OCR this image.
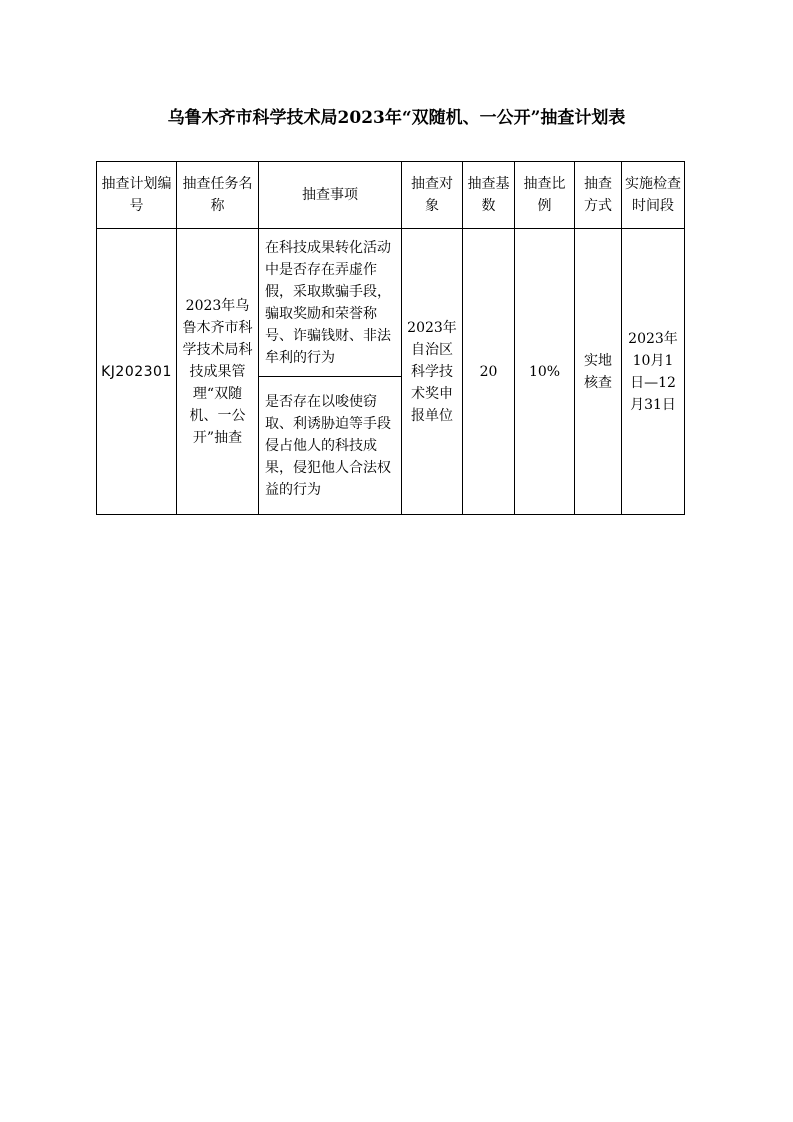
乌鲁木齐市科学技术局2023年“双随机、一公开”抽查计划表
抽查计划编号	抽查任务名称	抽查事项	抽查对象	抽查基数	抽查比例	抽查方式	实施检查时间段
KJ202301	2023年乌鲁木齐市科学技术局科技成果管理“双随机、一公开”抽查	在科技成果转化活动中是否存在弄虚作假，采取欺骗手段，骗取奖励和荣誉称号、诈骗钱财、非法牟利的行为	2023年自治区科学技术奖申报单位	20	10%	实地核查	2023年10月1日—12月31日
		是否存在以唆使窃取、利诱胁迫等手段侵占他人的科技成果，侵犯他人合法权益的行为					
